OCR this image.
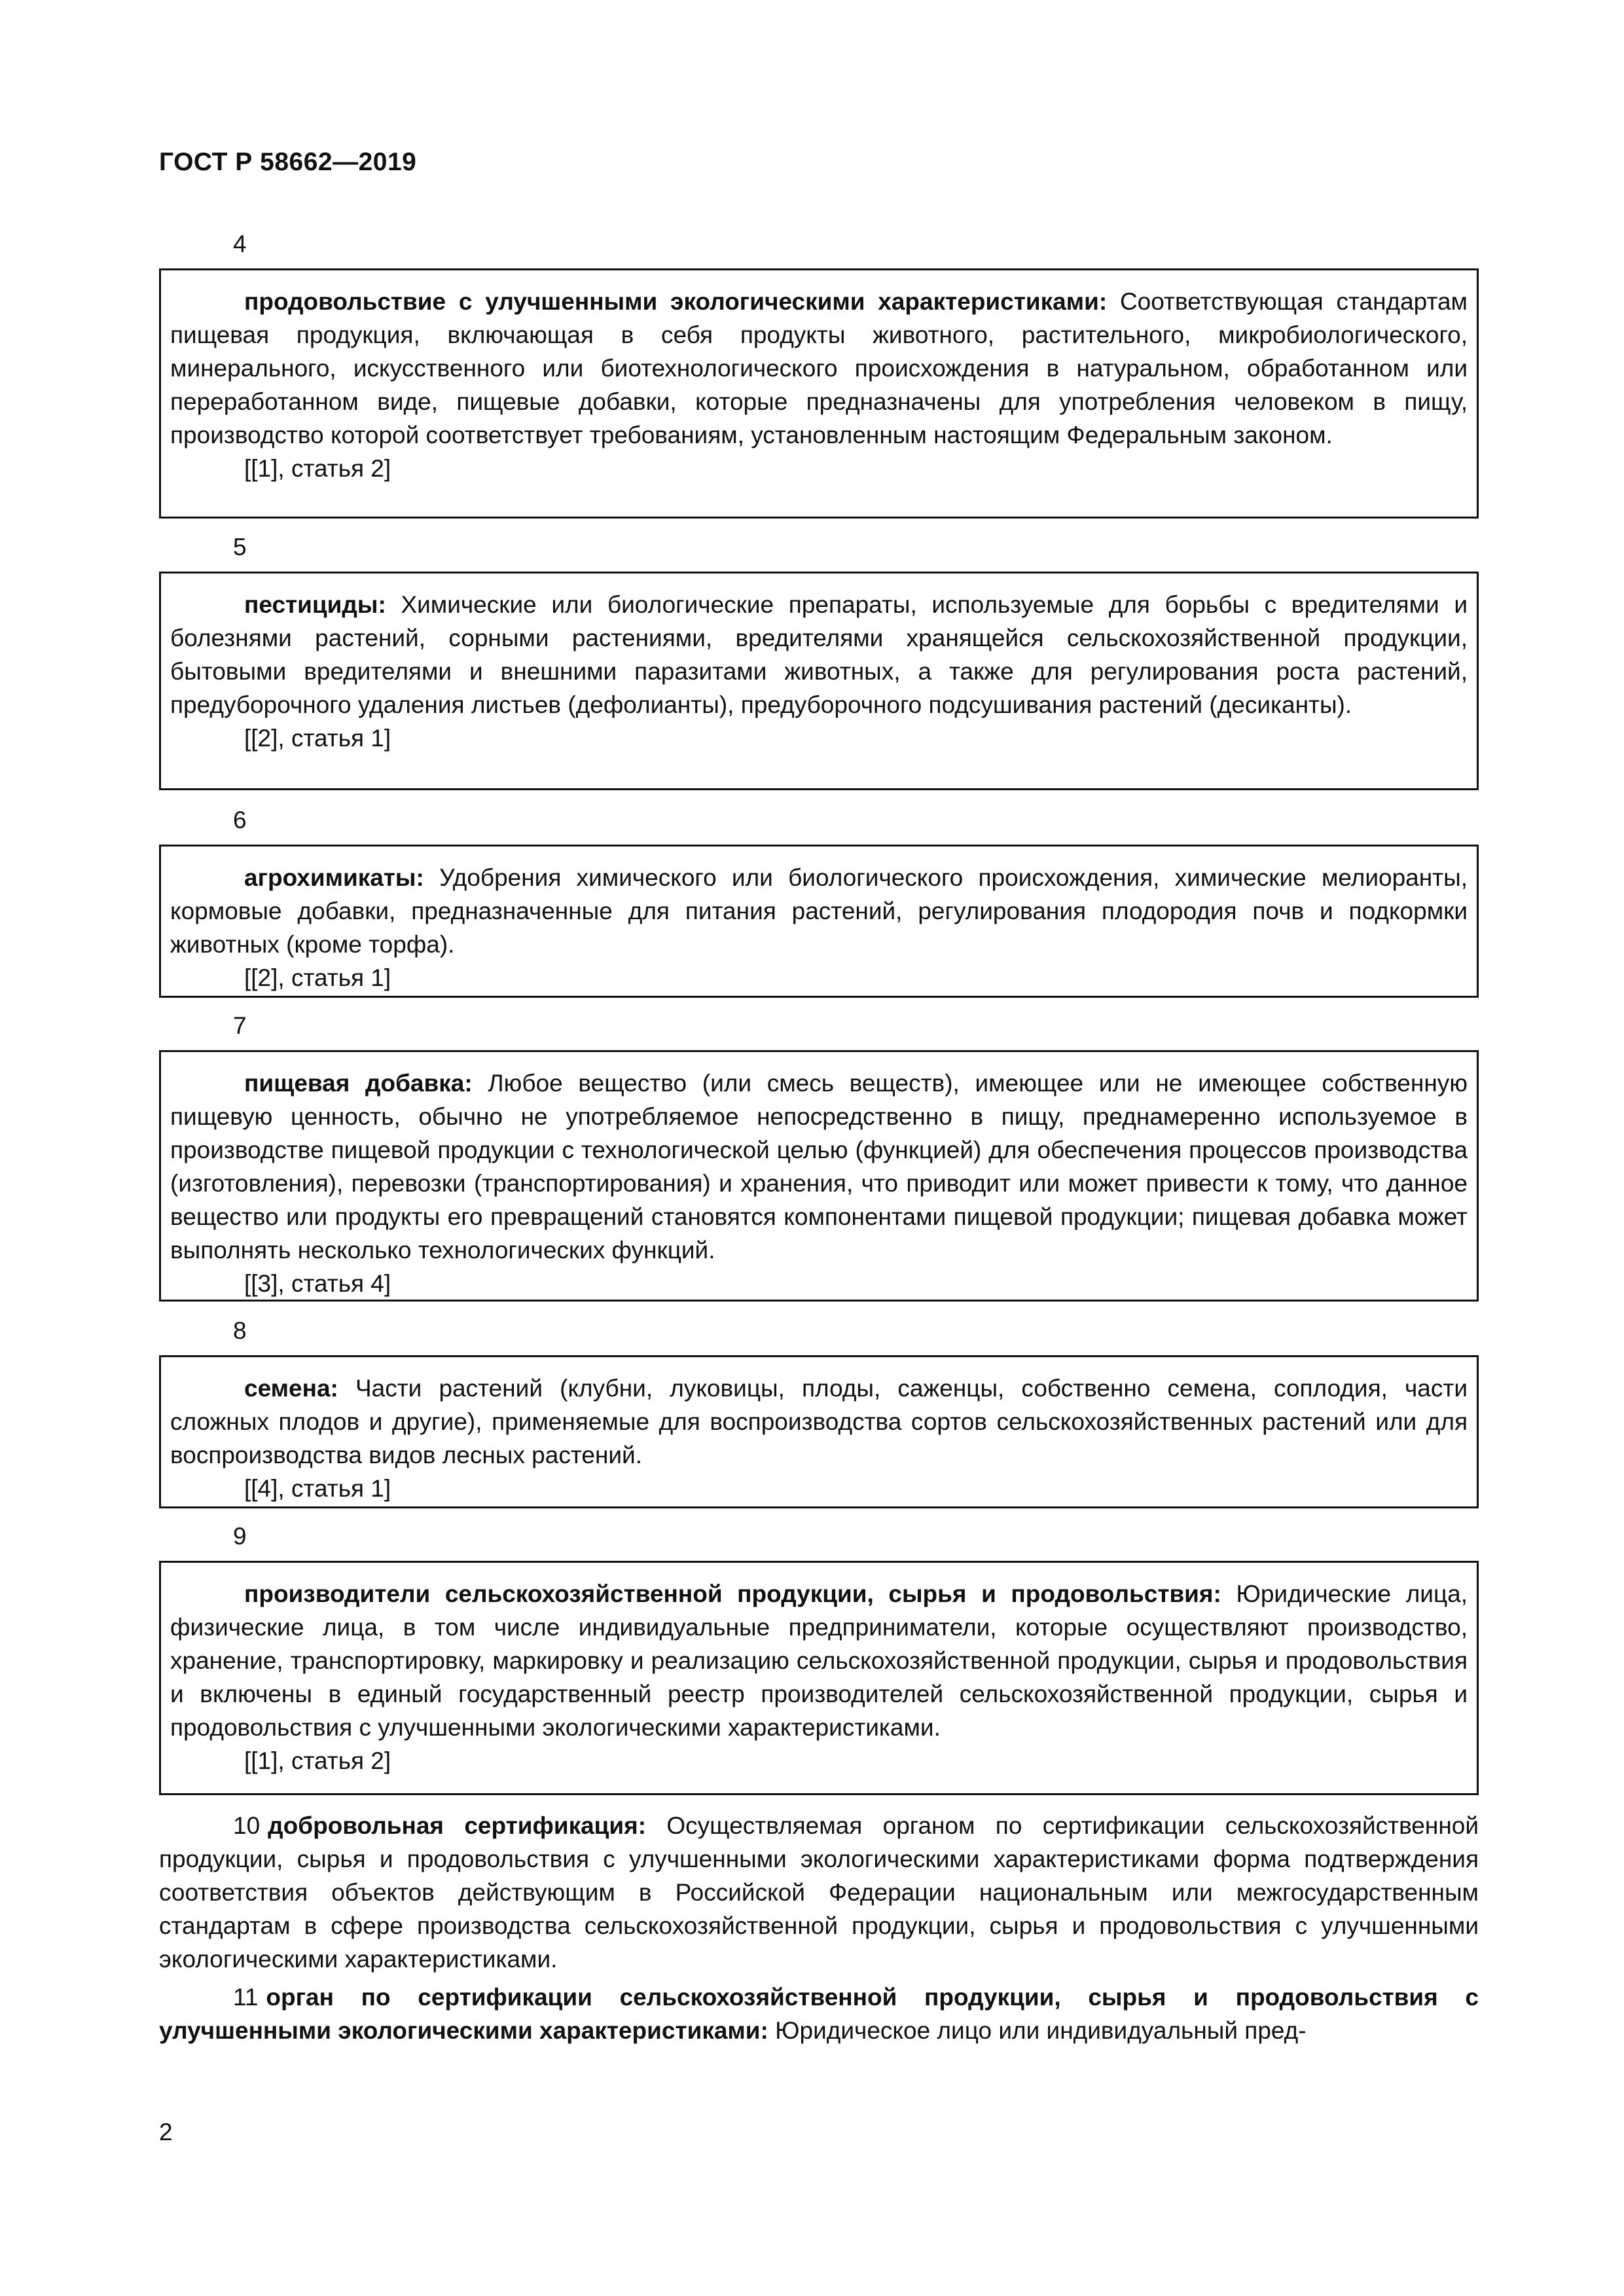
ГОСТ Р 58662—2019
4

продовольствие с улучшенными экологическими характеристиками: Соответствующая стандартам пищевая продукция, включающая в себя продукты животного, растительного, микробиологического, минерального, искусственного или биотехнологического происхождения в натуральном, обработанном или переработанном виде, пищевые добавки, которые предназначены для употребления человеком в пищу, производство которой соответствует требованиям, установленным настоящим Федеральным законом.

[[1], статья 2]

5

пестициды: Химические или биологические препараты, используемые для борьбы с вредителями и болезнями растений, сорными растениями, вредителями хранящейся сельскохозяйственной продукции, бытовыми вредителями и внешними паразитами животных, а также для регулирования роста растений, предуборочного удаления листьев (дефолианты), предуборочного подсушивания растений (десиканты).

[[2], статья 1]

6

агрохимикаты: Удобрения химического или биологического происхождения, химические мелиоранты, кормовые добавки, предназначенные для питания растений, регулирования плодородия почв и подкормки животных (кроме торфа).

[[2], статья 1]

7

пищевая добавка: Любое вещество (или смесь веществ), имеющее или не имеющее собственную пищевую ценность, обычно не употребляемое непосредственно в пищу, преднамеренно используемое в производстве пищевой продукции с технологической целью (функцией) для обеспечения процессов производства (изготовления), перевозки (транспортирования) и хранения, что приводит или может привести к тому, что данное вещество или продукты его превращений становятся компонентами пищевой продукции; пищевая добавка может выполнять несколько технологических функций.

[[3], статья 4]

8

семена: Части растений (клубни, луковицы, плоды, саженцы, собственно семена, соплодия, части сложных плодов и другие), применяемые для воспроизводства сортов сельскохозяйственных растений или для воспроизводства видов лесных растений.

[[4], статья 1]

9

производители сельскохозяйственной продукции, сырья и продовольствия: Юридические лица, физические лица, в том числе индивидуальные предприниматели, которые осуществляют производство, хранение, транспортировку, маркировку и реализацию сельскохозяйственной продукции, сырья и продовольствия и включены в единый государственный реестр производителей сельскохозяйственной продукции, сырья и продовольствия с улучшенными экологическими характеристиками.

[[1], статья 2]

10 добровольная сертификация: Осуществляемая органом по сертификации сельскохозяйственной продукции, сырья и продовольствия с улучшенными экологическими характеристиками форма подтверждения соответствия объектов действующим в Российской Федерации национальным или межгосударственным стандартам в сфере производства сельскохозяйственной продукции, сырья и продовольствия с улучшенными экологическими характеристиками.

11 орган по сертификации сельскохозяйственной продукции, сырья и продовольствия с улучшенными экологическими характеристиками: Юридическое лицо или индивидуальный пред-

2
